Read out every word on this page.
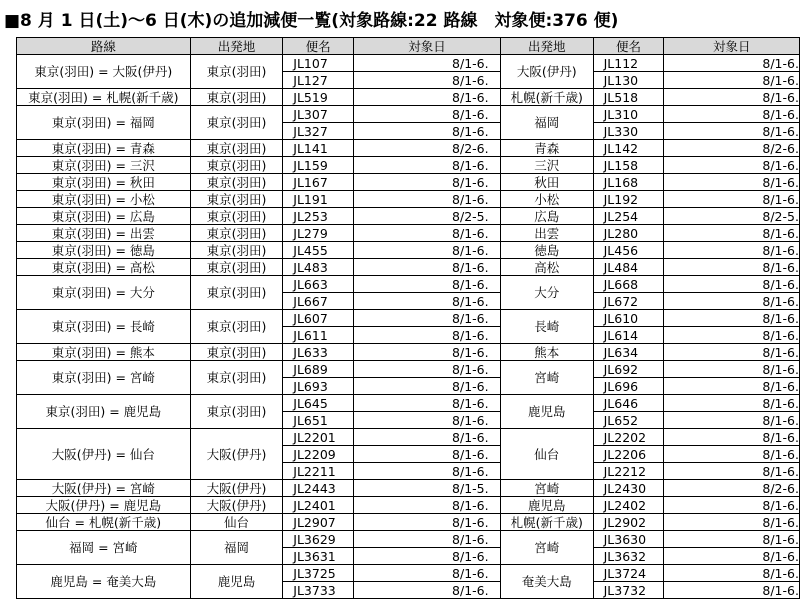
■8 月 1 日(土)〜6 日(木)の追加減便一覧(対象路線:22 路線　対象便:376 便)
路線	出発地	便名	対象日	出発地	便名	対象日
東京(羽田) = 大阪(伊丹)	東京(羽田)	JL107	8/1-6.	大阪(伊丹)	JL112	8/1-6.
		JL127	8/1-6.		JL130	8/1-6.
東京(羽田) = 札幌(新千歳)	東京(羽田)	JL519	8/1-6.	札幌(新千歳)	JL518	8/1-6.
東京(羽田) = 福岡	東京(羽田)	JL307	8/1-6.	福岡	JL310	8/1-6.
		JL327	8/1-6.		JL330	8/1-6.
東京(羽田) = 青森	東京(羽田)	JL141	8/2-6.	青森	JL142	8/2-6.
東京(羽田) = 三沢	東京(羽田)	JL159	8/1-6.	三沢	JL158	8/1-6.
東京(羽田) = 秋田	東京(羽田)	JL167	8/1-6.	秋田	JL168	8/1-6.
東京(羽田) = 小松	東京(羽田)	JL191	8/1-6.	小松	JL192	8/1-6.
東京(羽田) = 広島	東京(羽田)	JL253	8/2-5.	広島	JL254	8/2-5.
東京(羽田) = 出雲	東京(羽田)	JL279	8/1-6.	出雲	JL280	8/1-6.
東京(羽田) = 徳島	東京(羽田)	JL455	8/1-6.	徳島	JL456	8/1-6.
東京(羽田) = 高松	東京(羽田)	JL483	8/1-6.	高松	JL484	8/1-6.
東京(羽田) = 大分	東京(羽田)	JL663	8/1-6.	大分	JL668	8/1-6.
		JL667	8/1-6.		JL672	8/1-6.
東京(羽田) = 長崎	東京(羽田)	JL607	8/1-6.	長崎	JL610	8/1-6.
		JL611	8/1-6.		JL614	8/1-6.
東京(羽田) = 熊本	東京(羽田)	JL633	8/1-6.	熊本	JL634	8/1-6.
東京(羽田) = 宮崎	東京(羽田)	JL689	8/1-6.	宮崎	JL692	8/1-6.
		JL693	8/1-6.		JL696	8/1-6.
東京(羽田) = 鹿児島	東京(羽田)	JL645	8/1-6.	鹿児島	JL646	8/1-6.
		JL651	8/1-6.		JL652	8/1-6.
大阪(伊丹) = 仙台	大阪(伊丹)	JL2201	8/1-6.	仙台	JL2202	8/1-6.
		JL2209	8/1-6.		JL2206	8/1-6.
		JL2211	8/1-6.		JL2212	8/1-6.
大阪(伊丹) = 宮崎	大阪(伊丹)	JL2443	8/1-5.	宮崎	JL2430	8/2-6.
大阪(伊丹) = 鹿児島	大阪(伊丹)	JL2401	8/1-6.	鹿児島	JL2402	8/1-6.
仙台 = 札幌(新千歳)	仙台	JL2907	8/1-6.	札幌(新千歳)	JL2902	8/1-6.
福岡 = 宮崎	福岡	JL3629	8/1-6.	宮崎	JL3630	8/1-6.
		JL3631	8/1-6.		JL3632	8/1-6.
鹿児島 = 奄美大島	鹿児島	JL3725	8/1-6.	奄美大島	JL3724	8/1-6.
		JL3733	8/1-6.		JL3732	8/1-6.
